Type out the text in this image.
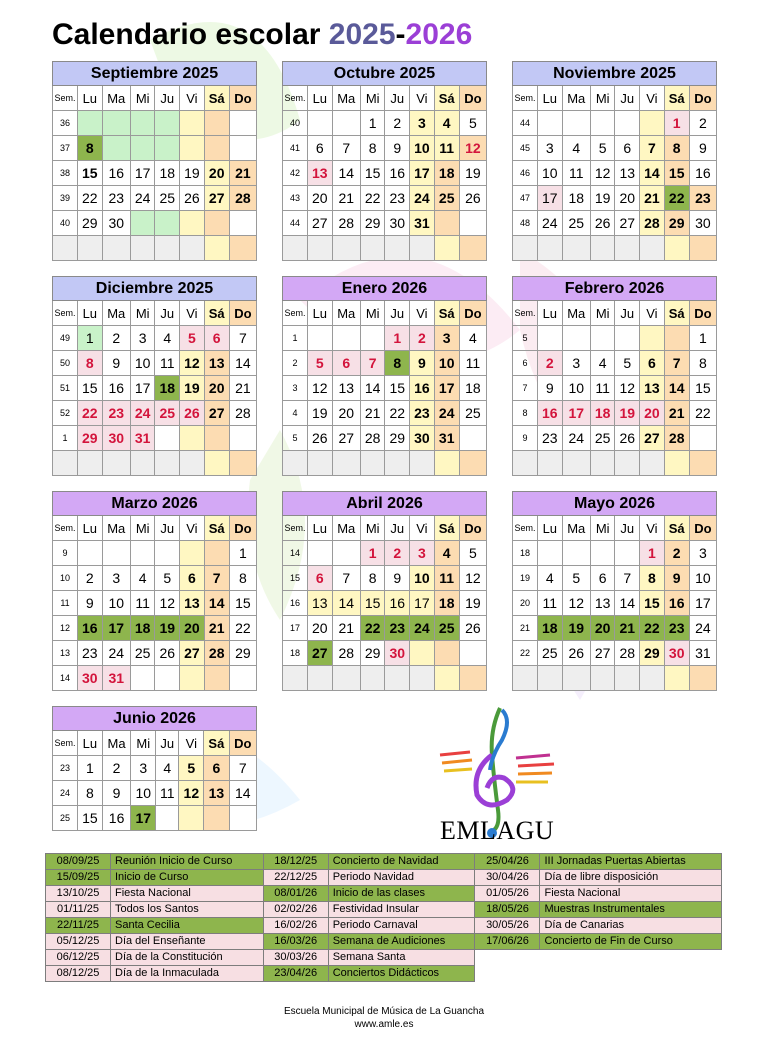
Calendario escolar 2025-2026
Septiembre 2025							
Sem.	Lu	Ma	Mi	Ju	Vi	Sá	Do
36							
37	8						
38	15	16	17	18	19	20	21
39	22	23	24	25	26	27	28
40	29	30					

Octubre 2025							
Sem.	Lu	Ma	Mi	Ju	Vi	Sá	Do
40			1	2	3	4	5
41	6	7	8	9	10	11	12
42	13	14	15	16	17	18	19
43	20	21	22	23	24	25	26
44	27	28	29	30	31		

Noviembre 2025							
Sem.	Lu	Ma	Mi	Ju	Vi	Sá	Do
44						1	2
45	3	4	5	6	7	8	9
46	10	11	12	13	14	15	16
47	17	18	19	20	21	22	23
48	24	25	26	27	28	29	30

Diciembre 2025							
Sem.	Lu	Ma	Mi	Ju	Vi	Sá	Do
49	1	2	3	4	5	6	7
50	8	9	10	11	12	13	14
51	15	16	17	18	19	20	21
52	22	23	24	25	26	27	28
1	29	30	31				

Enero 2026							
Sem.	Lu	Ma	Mi	Ju	Vi	Sá	Do
1				1	2	3	4
2	5	6	7	8	9	10	11
3	12	13	14	15	16	17	18
4	19	20	21	22	23	24	25
5	26	27	28	29	30	31	

Febrero 2026							
Sem.	Lu	Ma	Mi	Ju	Vi	Sá	Do
5							1
6	2	3	4	5	6	7	8
7	9	10	11	12	13	14	15
8	16	17	18	19	20	21	22
9	23	24	25	26	27	28	

Marzo 2026							
Sem.	Lu	Ma	Mi	Ju	Vi	Sá	Do
9							1
10	2	3	4	5	6	7	8
11	9	10	11	12	13	14	15
12	16	17	18	19	20	21	22
13	23	24	25	26	27	28	29
14	30	31					
Abril 2026							
Sem.	Lu	Ma	Mi	Ju	Vi	Sá	Do
14			1	2	3	4	5
15	6	7	8	9	10	11	12
16	13	14	15	16	17	18	19
17	20	21	22	23	24	25	26
18	27	28	29	30			

Mayo 2026							
Sem.	Lu	Ma	Mi	Ju	Vi	Sá	Do
18					1	2	3
19	4	5	6	7	8	9	10
20	11	12	13	14	15	16	17
21	18	19	20	21	22	23	24
22	25	26	27	28	29	30	31

Junio 2026							
Sem.	Lu	Ma	Mi	Ju	Vi	Sá	Do
23	1	2	3	4	5	6	7
24	8	9	10	11	12	13	14
25	15	16	17					EMLAGU
08/09/25	Reunión Inicio de Curso	18/12/25	Concierto de Navidad	25/04/26	III Jornadas Puertas Abiertas
15/09/25	Inicio de Curso	22/12/25	Periodo Navidad	30/04/26	Día de libre disposición
13/10/25	Fiesta Nacional	08/01/26	Inicio de las clases	01/05/26	Fiesta Nacional
01/11/25	Todos los Santos	02/02/26	Festividad Insular	18/05/26	Muestras Instrumentales
22/11/25	Santa Cecilia	16/02/26	Periodo Carnaval	30/05/26	Día de Canarias
05/12/25	Día del Enseñante	16/03/26	Semana de Audiciones	17/06/26	Concierto de Fin de Curso
06/12/25	Día de la Constitución	30/03/26	Semana Santa		
08/12/25	Día de la Inmaculada	23/04/26	Conciertos Didácticos		
Escuela Municipal de Música de La Guancha
www.amle.es
